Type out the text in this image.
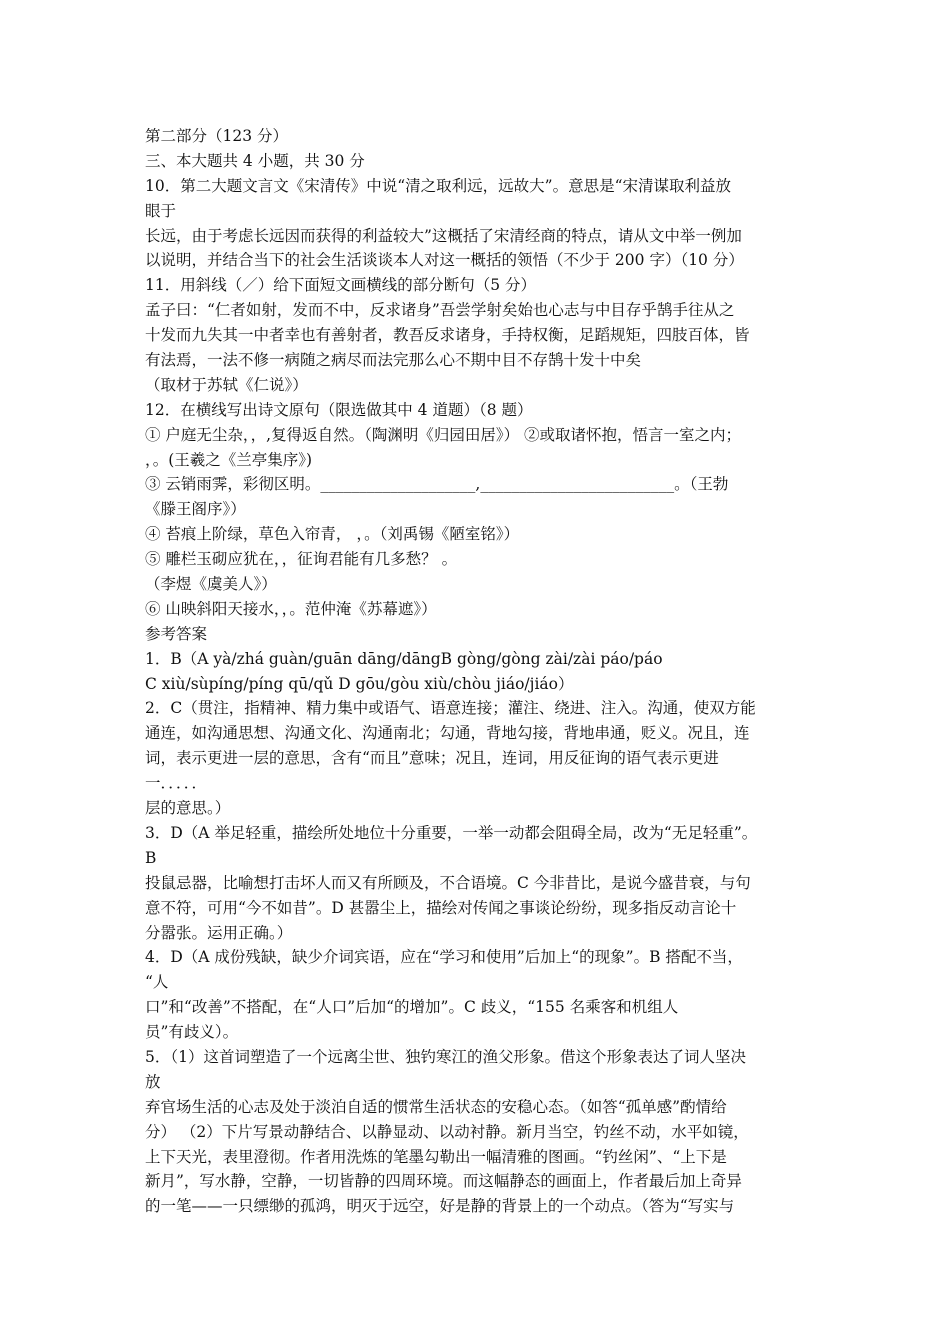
第二部分（123 分）
三、本大题共 4 小题，共 30 分
10．第二大题文言文《宋清传》中说“清之取利远，远故大”。意思是“宋清谋取利益放
眼于
长远，由于考虑长远因而获得的利益较大”这概括了宋清经商的特点，请从文中举一例加
以说明，并结合当下的社会生活谈谈本人对这一概括的领悟（不少于 200 字）（10 分）
11．用斜线（／）给下面短文画横线的部分断句（5 分）
孟子曰：“仁者如射，发而不中，反求诸身”吾尝学射矣始也心志与中目存乎鹄手往从之
十发而九失其一中者幸也有善射者，教吾反求诸身，手持权衡，足蹈规矩，四肢百体，皆
有法焉，一法不修一病随之病尽而法完那么心不期中目不存鹄十发十中矣
（取材于苏轼《仁说》）
12．在横线写出诗文原句（限选做其中 4 道题）（8 题）
① 户庭无尘杂，，,复得返自然。（陶渊明《归园田居》） ②或取诸怀抱，悟言一室之内；
，。(王羲之《兰亭集序》)
③ 云销雨霁，彩彻区明。____________________,_________________________。（王勃
《滕王阁序》）
④ 苔痕上阶绿，草色入帘青， ，。（刘禹锡《陋室铭》）
⑤ 雕栏玉砌应犹在，，征询君能有几多愁？ 。
（李煜《虞美人》）
⑥ 山映斜阳天接水，，。范仲淹《苏幕遮》）
参考答案
1．B（A yà/zhá guàn/guān dāng/dāngB gòng/gòng zài/zài páo/páo
C xiù/sùpíng/píng qū/qǔ D gōu/gòu xiù/chòu jiáo/jiáo）
2．C（贯注，指精神、精力集中或语气、语意连接；灌注、绕进、注入。沟通，使双方能
通连，如沟通思想、沟通文化、沟通南北；勾通，背地勾接，背地串通，贬义。况且，连
词，表示更进一层的意思，含有“而且”意味；况且，连词，用反征询的语气表示更进
一．．．．．
层的意思。）
3．D（A 举足轻重，描绘所处地位十分重要，一举一动都会阻碍全局，改为“无足轻重”。
B
投鼠忌器，比喻想打击坏人而又有所顾及，不合语境。C 今非昔比，是说今盛昔衰，与句
意不符，可用“今不如昔”。D 甚嚣尘上，描绘对传闻之事谈论纷纷，现多指反动言论十
分嚣张。运用正确。）
4．D（A 成份残缺，缺少介词宾语，应在“学习和使用”后加上“的现象”。B 搭配不当，
“人
口”和“改善”不搭配，在“人口”后加“的增加”。C 歧义，“155 名乘客和机组人
员”有歧义）。
5．（1）这首词塑造了一个远离尘世、独钓寒江的渔父形象。借这个形象表达了词人坚决
放
弃官场生活的心志及处于淡泊自适的惯常生活状态的安稳心态。（如答“孤单感”酌情给
分） （2）下片写景动静结合、以静显动、以动衬静。新月当空，钓丝不动，水平如镜，
上下天光，表里澄彻。作者用洗炼的笔墨勾勒出一幅清雅的图画。“钓丝闲”、“上下是
新月”，写水静，空静，一切皆静的四周环境。而这幅静态的画面上，作者最后加上奇异
的一笔——一只缥缈的孤鸿，明灭于远空，好是静的背景上的一个动点。（答为“写实与
